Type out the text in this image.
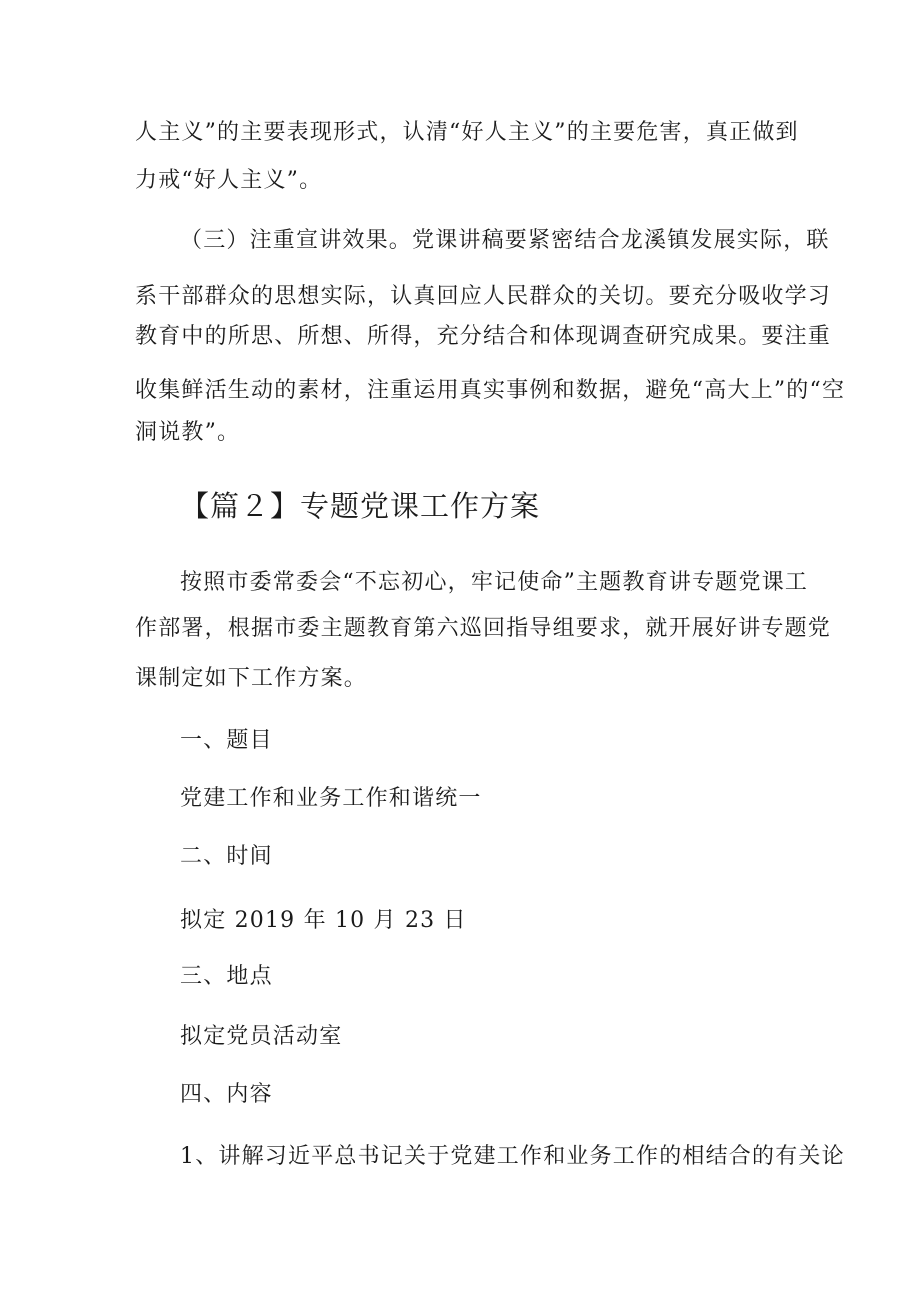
人主义”的主要表现形式，认清“好人主义”的主要危害，真正做到
力戒“好人主义”。
（三）注重宣讲效果。党课讲稿要紧密结合龙溪镇发展实际，联
系干部群众的思想实际，认真回应人民群众的关切。要充分吸收学习
教育中的所思、所想、所得，充分结合和体现调查研究成果。要注重
收集鲜活生动的素材，注重运用真实事例和数据，避免“高大上”的“空
洞说教”。
【篇２】专题党课工作方案
按照市委常委会“不忘初心，牢记使命”主题教育讲专题党课工
作部署，根据市委主题教育第六巡回指导组要求，就开展好讲专题党
课制定如下工作方案。
一、题目
党建工作和业务工作和谐统一
二、时间
拟定 2019 年 10 月 23 日
三、地点
拟定党员活动室
四、内容
1、讲解习近平总书记关于党建工作和业务工作的相结合的有关论
